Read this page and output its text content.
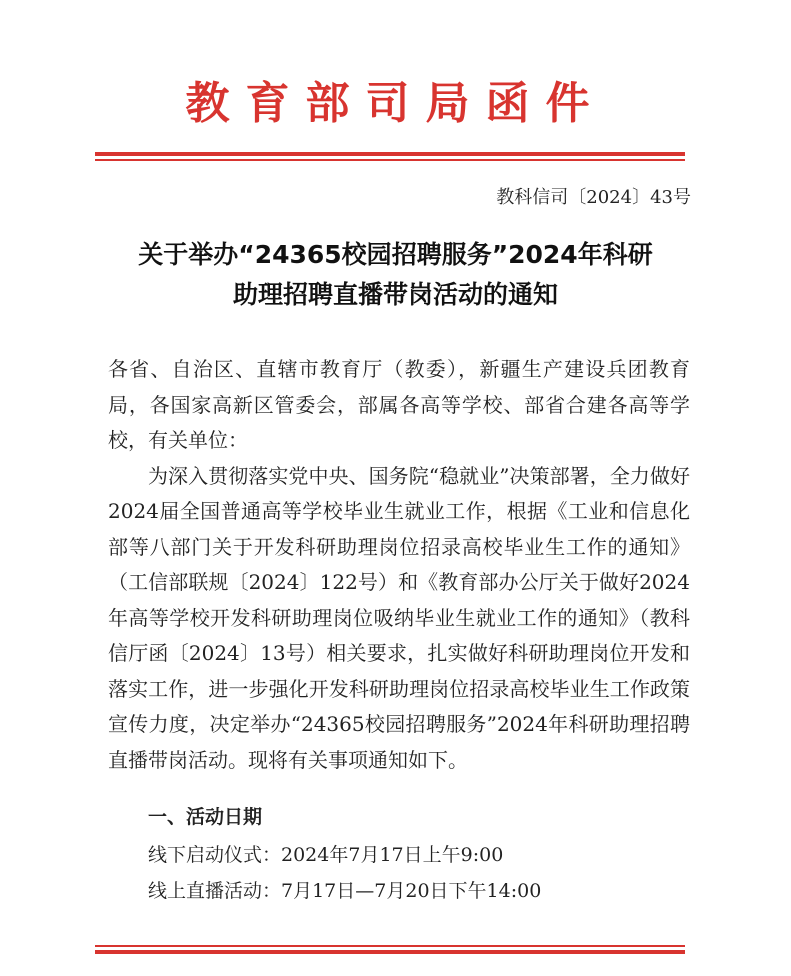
教育部司局函件
教科信司〔2024〕43号
关于举办“24365校园招聘服务”2024年科研
助理招聘直播带岗活动的通知

各省、自治区、直辖市教育厅（教委），新疆生产建设兵团教育局，各国家高新区管委会，部属各高等学校、部省合建各高等学校，有关单位：

为深入贯彻落实党中央、国务院“稳就业”决策部署，全力做好2024届全国普通高等学校毕业生就业工作，根据《工业和信息化部等八部门关于开发科研助理岗位招录高校毕业生工作的通知》（工信部联规〔2024〕122号）和《教育部办公厅关于做好2024年高等学校开发科研助理岗位吸纳毕业生就业工作的通知》（教科信厅函〔2024〕13号）相关要求，扎实做好科研助理岗位开发和落实工作，进一步强化开发科研助理岗位招录高校毕业生工作政策宣传力度，决定举办“24365校园招聘服务”2024年科研助理招聘直播带岗活动。现将有关事项通知如下。

一、活动日期
线下启动仪式：2024年7月17日上午9:00
线上直播活动：7月17日—7月20日下午14:00
